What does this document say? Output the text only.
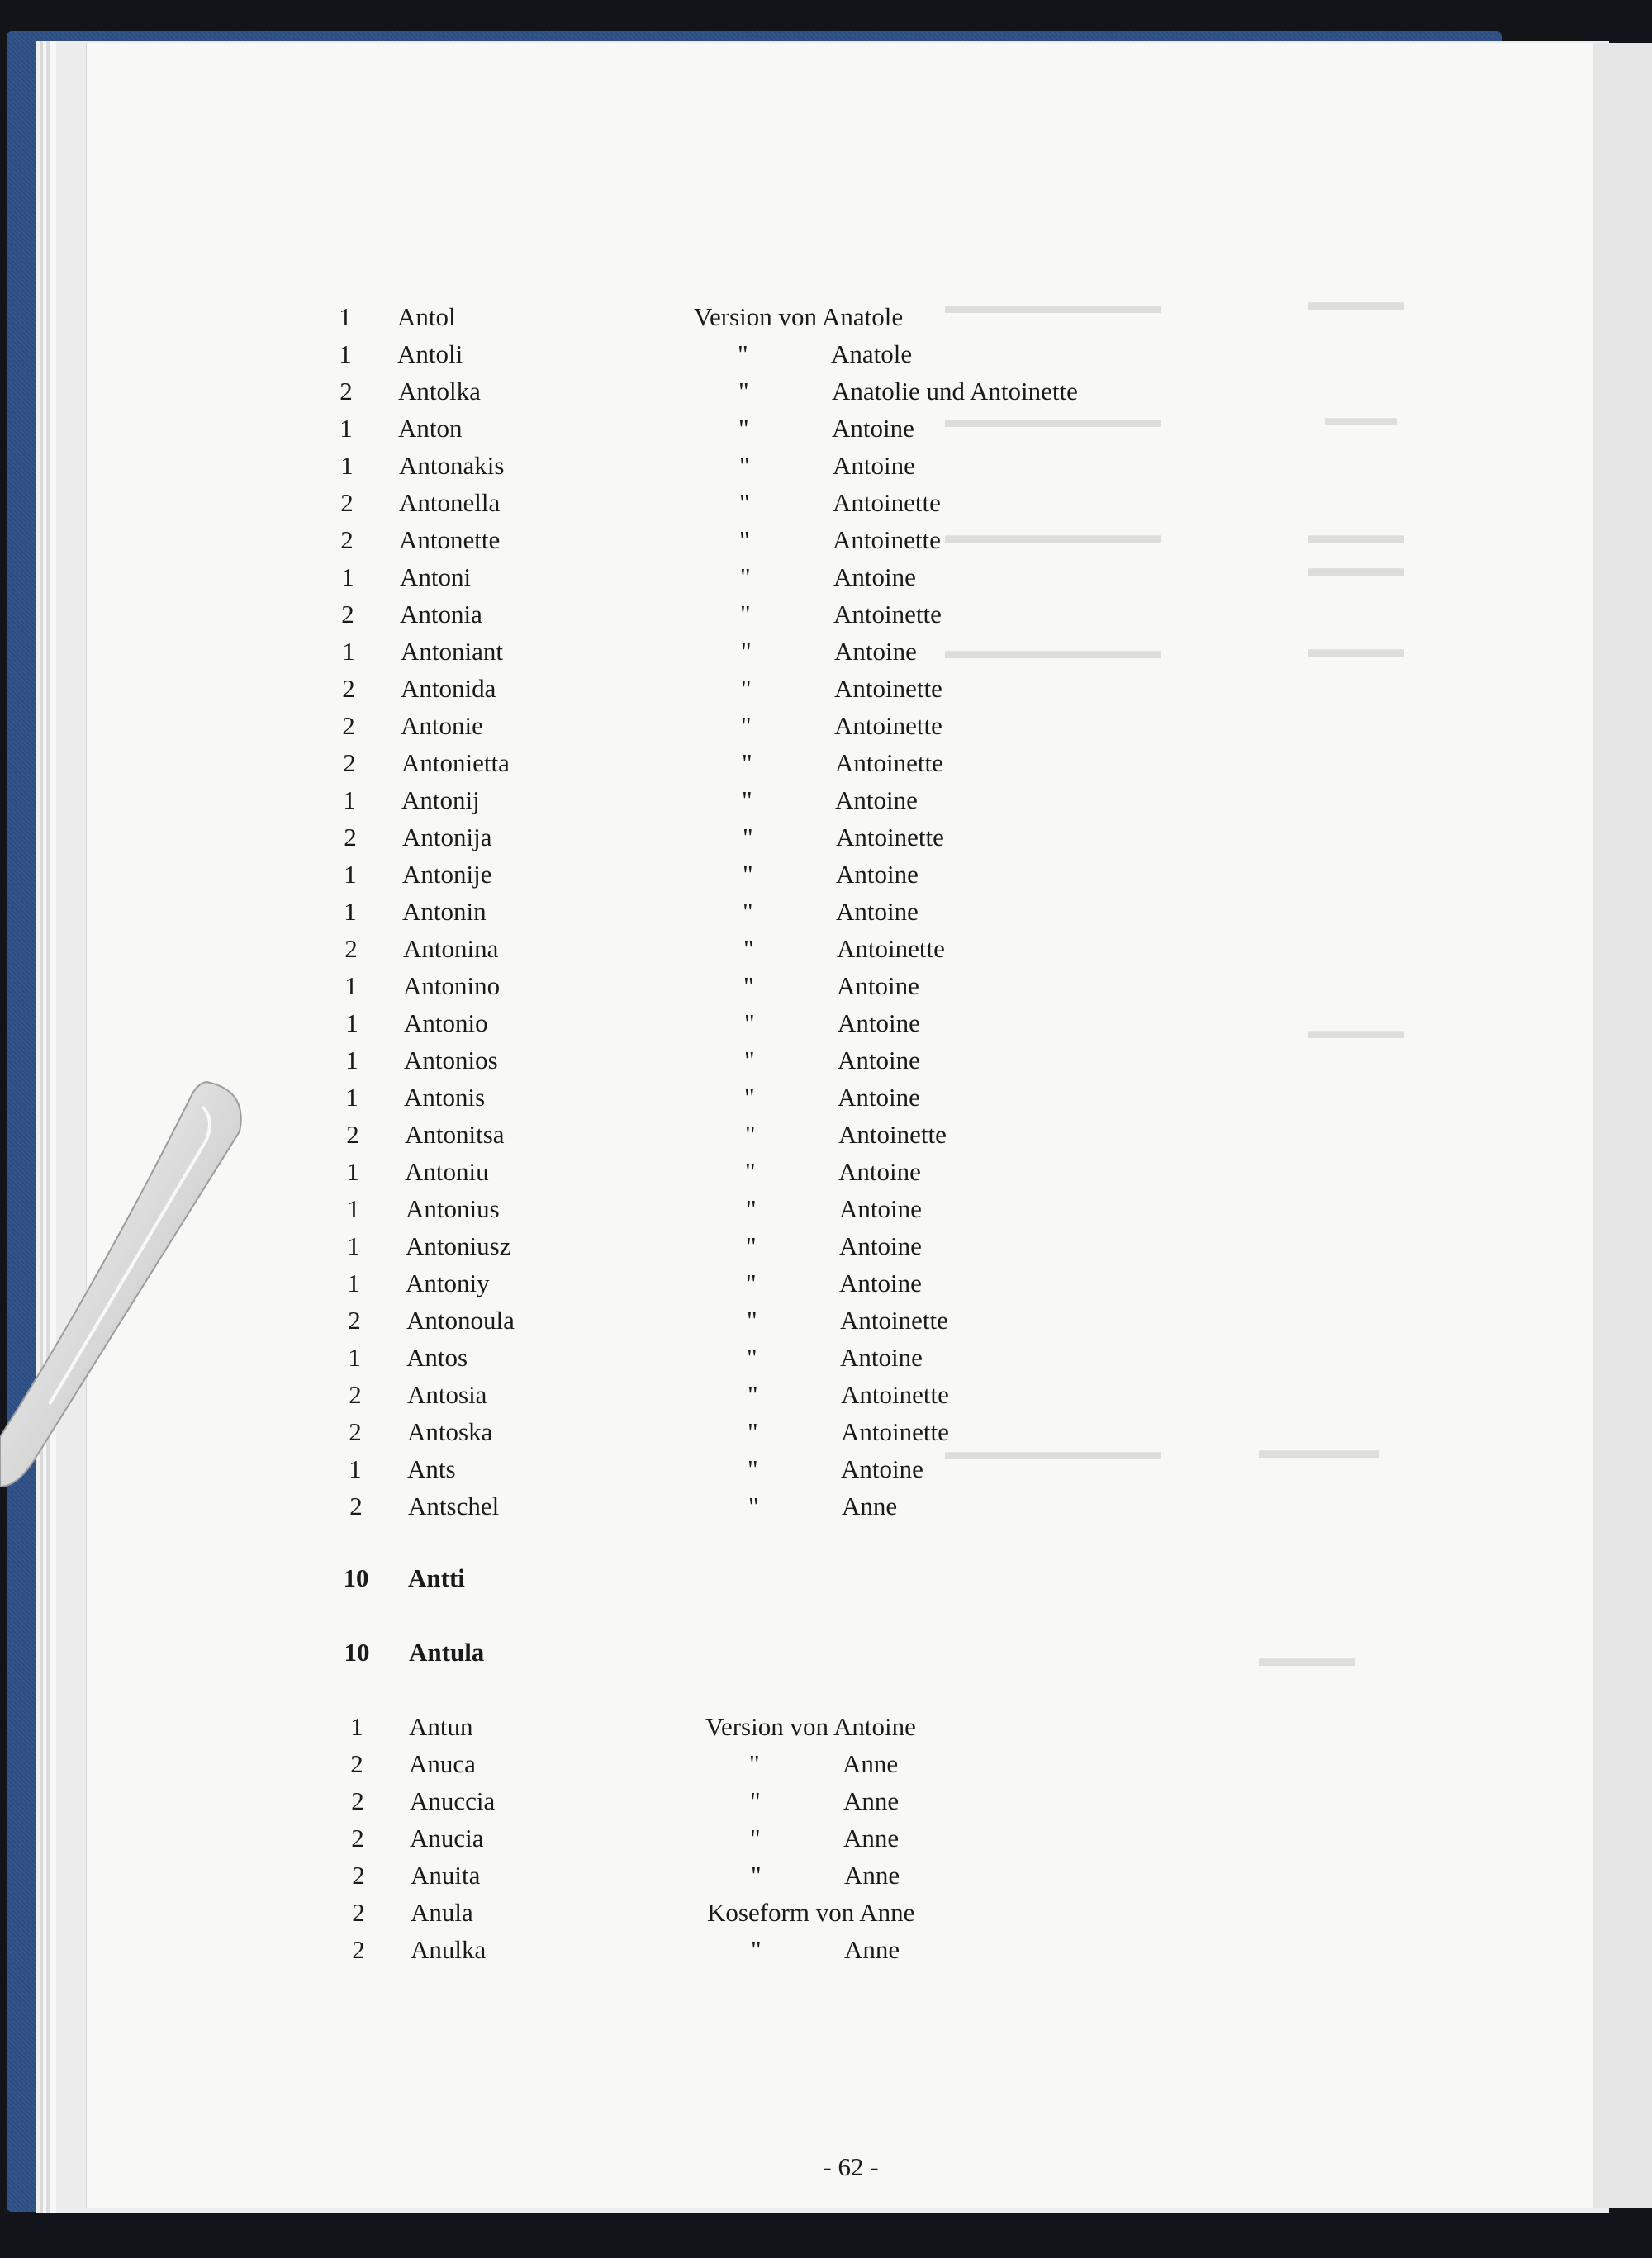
▬▬▬▬
▬▬▬
▬▬▬▬
▬▬▬▬▬
▬▬▬▬▬▬▬▬▬
▬▬▬▬▬▬▬▬▬
▬▬▬▬▬▬▬▬▬
▬▬▬▬▬▬▬▬▬
▬▬▬▬▬▬▬▬▬
▬▬▬▬
▬▬▬▬
▬▬▬▬
▬▬▬▬
1	Antol	Version von Anatole
1	Antoli	"	Anatole
2	Antolka	"	Anatolie und Antoinette
1	Anton	"	Antoine
1	Antonakis	"	Antoine
2	Antonella	"	Antoinette
2	Antonette	"	Antoinette
1	Antoni	"	Antoine
2	Antonia	"	Antoinette
1	Antoniant	"	Antoine
2	Antonida	"	Antoinette
2	Antonie	"	Antoinette
2	Antonietta	"	Antoinette
1	Antonij	"	Antoine
2	Antonija	"	Antoinette
1	Antonije	"	Antoine
1	Antonin	"	Antoine
2	Antonina	"	Antoinette
1	Antonino	"	Antoine
1	Antonio	"	Antoine
1	Antonios	"	Antoine
1	Antonis	"	Antoine
2	Antonitsa	"	Antoinette
1	Antoniu	"	Antoine
1	Antonius	"	Antoine
1	Antoniusz	"	Antoine
1	Antoniy	"	Antoine
2	Antonoula	"	Antoinette
1	Antos	"	Antoine
2	Antosia	"	Antoinette
2	Antoska	"	Antoinette
1	Ants	"	Antoine
2	Antschel	"	Anne
10	Antti
10	Antula
1	Antun	Version von Antoine
2	Anuca	"	Anne
2	Anuccia	"	Anne
2	Anucia	"	Anne
2	Anuita	"	Anne
2	Anula	Koseform von Anne
2	Anulka	"	Anne
- 62 -
